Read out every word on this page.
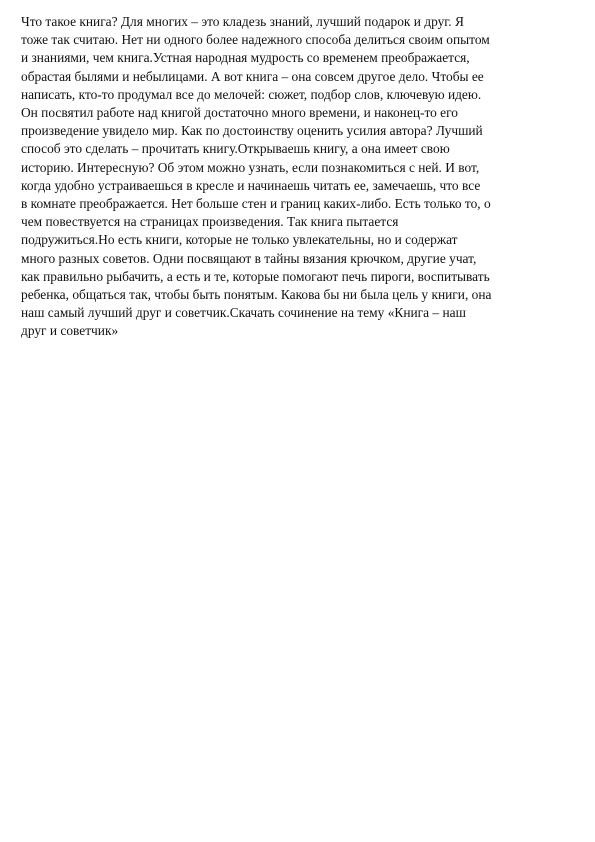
Что такое книга? Для многих – это кладезь знаний, лучший подарок и друг. Я
тоже так считаю. Нет ни одного более надежного способа делиться своим опытом
и знаниями, чем книга.Устная народная мудрость со временем преображается,
обрастая былями и небылицами. А вот книга – она совсем другое дело. Чтобы ее
написать, кто-то продумал все до мелочей: сюжет, подбор слов, ключевую идею.
Он посвятил работе над книгой достаточно много времени, и наконец-то его
произведение увидело мир. Как по достоинству оценить усилия автора? Лучший
способ это сделать – прочитать книгу.Открываешь книгу, а она имеет свою
историю. Интересную? Об этом можно узнать, если познакомиться с ней. И вот,
когда удобно устраиваешься в кресле и начинаешь читать ее, замечаешь, что все
в комнате преображается. Нет больше стен и границ каких-либо. Есть только то, о
чем повествуется на страницах произведения. Так книга пытается
подружиться.Но есть книги, которые не только увлекательны, но и содержат
много разных советов. Одни посвящают в тайны вязания крючком, другие учат,
как правильно рыбачить, а есть и те, которые помогают печь пироги, воспитывать
ребенка, общаться так, чтобы быть понятым. Какова бы ни была цель у книги, она
наш самый лучший друг и советчик.Скачать сочинение на тему «Книга – наш
друг и советчик»
